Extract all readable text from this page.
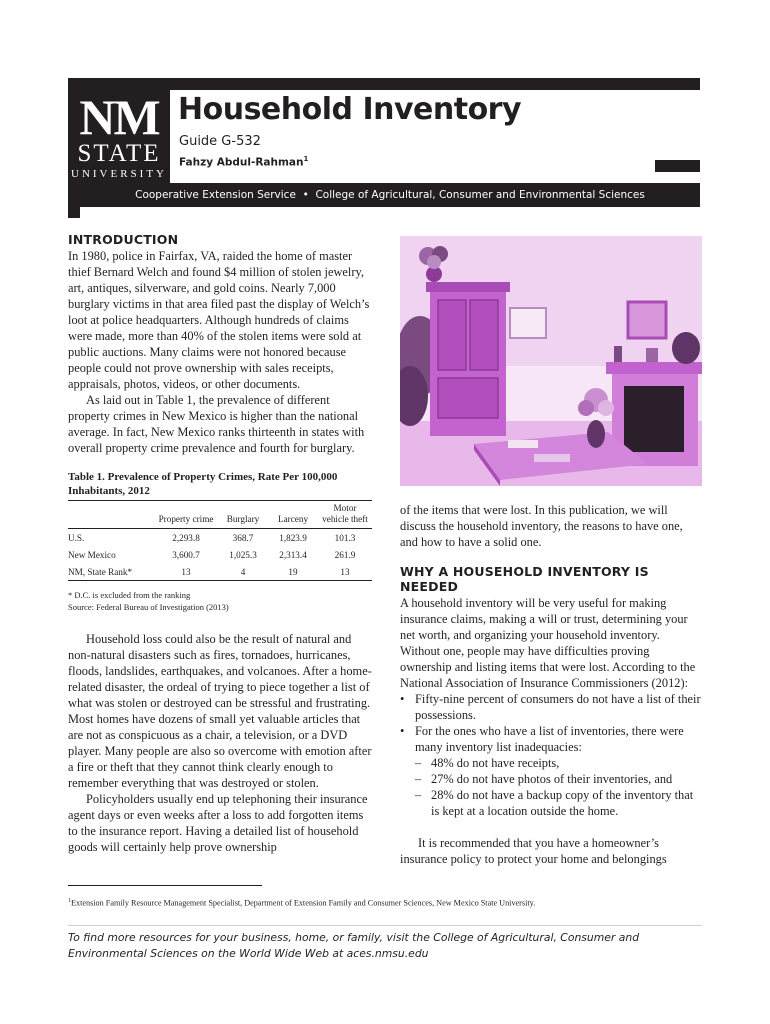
NM
STATE
UNIVERSITY
Household Inventory
Guide G-532
Fahzy Abdul-Rahman$^1$
Cooperative Extension Service  •  College of Agricultural, Consumer and Environmental Sciences
INTRODUCTION

In 1980, police in Fairfax, VA, raided the home of master thief Bernard Welch and found $4 million of stolen jewelry, art, antiques, silverware, and gold coins. Nearly 7,000 burglary victims in that area filed past the display of Welch’s loot at police headquarters. Although hundreds of claims were made, more than 40% of the stolen items were sold at public auctions. Many claims were not honored because people could not prove ownership with sales receipts, appraisals, photos, videos, or other documents.

As laid out in Table 1, the prevalence of different property crimes in New Mexico is higher than the national average. In fact, New Mexico ranks thirteenth in states with overall property crime prevalence and fourth for burglary.

Table 1. Prevalence of Property Crimes, Rate Per 100,000 Inhabitants, 2012

	Property crime	Burglary	Larceny	Motor vehicle theft
U.S.	2,293.8	368.7	1,823.9	101.3
New Mexico	3,600.7	1,025.3	2,313.4	261.9
NM, State Rank*	13	4	19	13

* D.C. is excluded from the ranking

Source: Federal Bureau of Investigation (2013)

Household loss could also be the result of natural and non-natural disasters such as fires, tornadoes, hurricanes, floods, landslides, earthquakes, and volcanoes. After a home-related disaster, the ordeal of trying to piece together a list of what was stolen or destroyed can be stressful and frustrating. Most homes have dozens of small yet valuable articles that are not as conspicuous as a chair, a television, or a DVD player. Many people are also so overcome with emotion after a fire or theft that they cannot think clearly enough to remember everything that was destroyed or stolen.

Policyholders usually end up telephoning their insurance agent days or even weeks after a loss to add forgotten items to the insurance report. Having a detailed list of household goods will certainly help prove ownership

of the items that were lost. In this publication, we will discuss the household inventory, the reasons to have one, and how to have a solid one.

WHY A HOUSEHOLD INVENTORY IS NEEDED

A household inventory will be very useful for making insurance claims, making a will or trust, determining your net worth, and organizing your household inventory. Without one, people may have difficulties proving ownership and listing items that were lost. According to the National Association of Insurance Commissioners (2012):

• Fifty-nine percent of consumers do not have a list of their possessions.
• For the ones who have a list of inventories, there were many inventory list inadequacies:
– 48% do not have receipts,
– 27% do not have photos of their inventories, and
– 28% do not have a backup copy of the inventory that is kept at a location outside the home.

It is recommended that you have a homeowner’s insurance policy to protect your home and belongings

$^1$Extension Family Resource Management Specialist, Department of Extension Family and Consumer Sciences, New Mexico State University.
To find more resources for your business, home, or family, visit the College of Agricultural, Consumer and Environmental Sciences on the World Wide Web at aces.nmsu.edu
